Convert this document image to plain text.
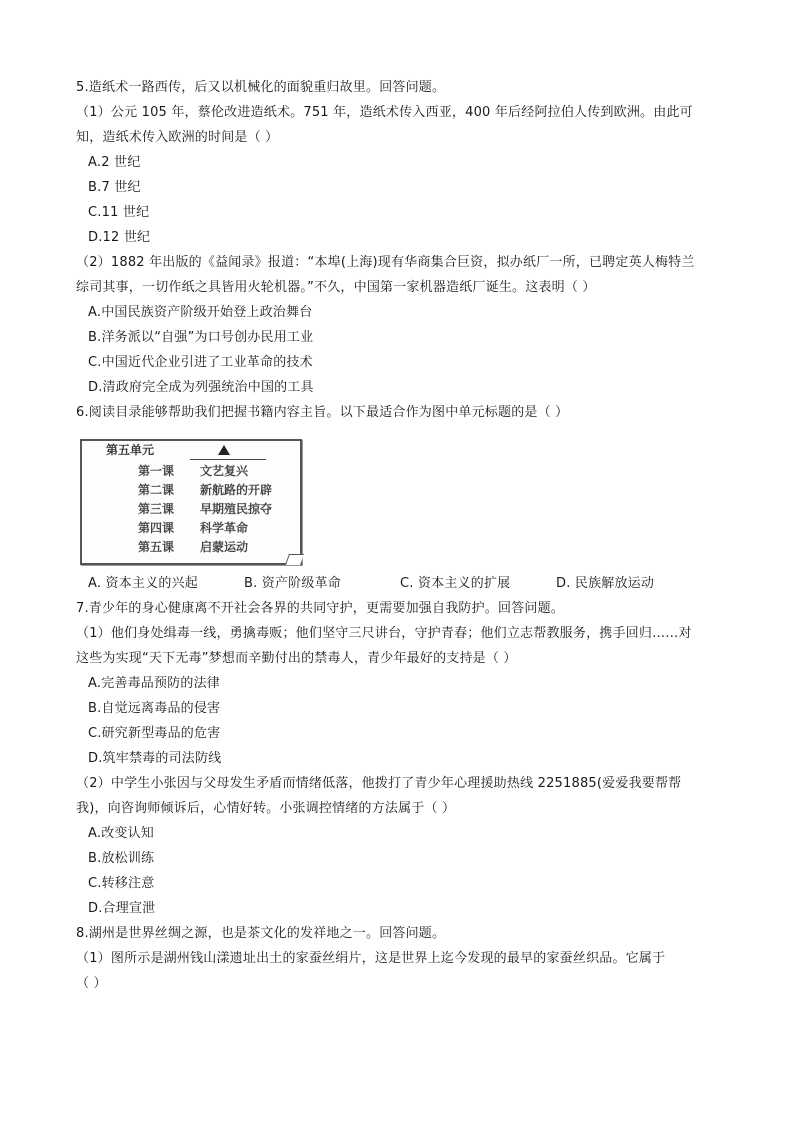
5.造纸术一路西传，后又以机械化的面貌重归故里。回答问题。
（1）公元 105 年，蔡伦改进造纸术。751 年，造纸术传入西亚，400 年后经阿拉伯人传到欧洲。由此可
知，造纸术传入欧洲的时间是（ ）
A.2 世纪
B.7 世纪
C.11 世纪
D.12 世纪
（2）1882 年出版的《益闻录》报道：“本埠(上海)现有华商集合巨资，拟办纸厂一所，已聘定英人梅特兰
综司其事，一切作纸之具皆用火轮机器。”不久，中国第一家机器造纸厂诞生。这表明（ ）
A.中国民族资产阶级开始登上政治舞台
B.洋务派以“自强”为口号创办民用工业
C.中国近代企业引进了工业革命的技术
D.清政府完全成为列强统治中国的工具
6.阅读目录能够帮助我们把握书籍内容主旨。以下最适合作为图中单元标题的是（ ）
第五单元
第一课 文艺复兴
第二课 新航路的开辟
第三课 早期殖民掠夺
第四课 科学革命
第五课 启蒙运动
A. 资本主义的兴起	B. 资产阶级革命	C. 资本主义的扩展	D. 民族解放运动
7.青少年的身心健康离不开社会各界的共同守护，更需要加强自我防护。回答问题。
（1）他们身处缉毒一线，勇擒毒贩；他们坚守三尺讲台，守护青春；他们立志帮教服务，携手回归……对
这些为实现“天下无毒”梦想而辛勤付出的禁毒人，青少年最好的支持是（ ）
A.完善毒品预防的法律
B.自觉远离毒品的侵害
C.研究新型毒品的危害
D.筑牢禁毒的司法防线
（2）中学生小张因与父母发生矛盾而情绪低落，他拨打了青少年心理援助热线 2251885(爱爱我要帮帮
我)，向咨询师倾诉后，心情好转。小张调控情绪的方法属于（ ）
A.改变认知
B.放松训练
C.转移注意
D.合理宣泄
8.湖州是世界丝绸之源，也是茶文化的发祥地之一。回答问题。
（1）图所示是湖州钱山漾遗址出土的家蚕丝绢片，这是世界上迄今发现的最早的家蚕丝织品。它属于
（ ）
